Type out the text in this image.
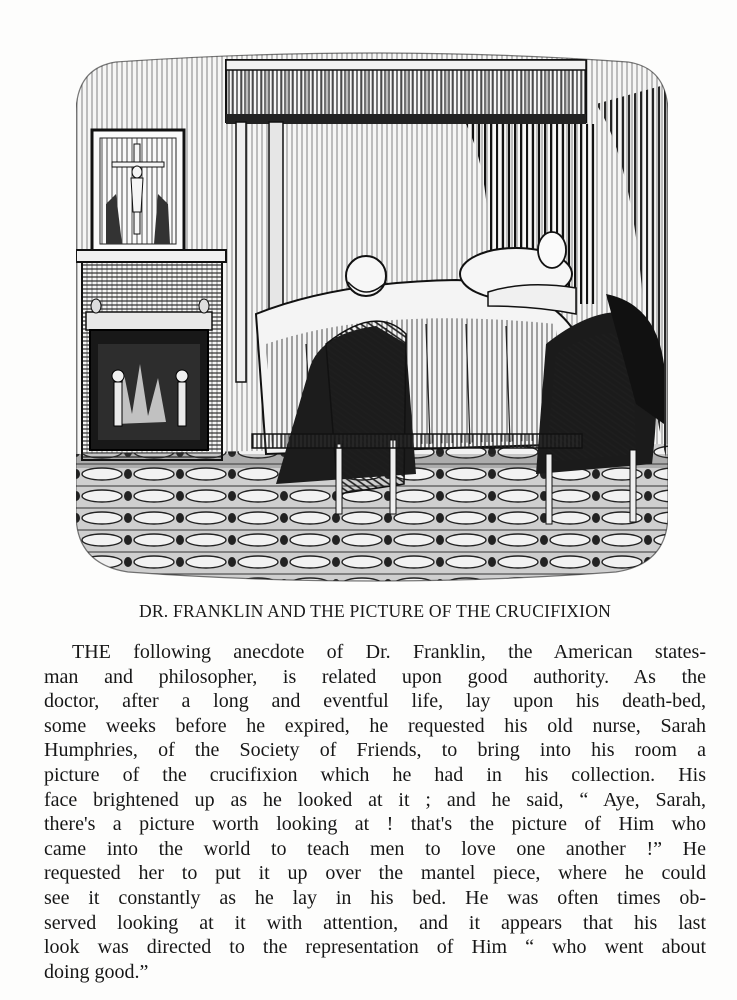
DR. FRANKLIN AND THE PICTURE OF THE CRUCIFIXION
THE following anecdote of Dr. Franklin, the American states-
man and philosopher, is related upon good authority. As the
doctor, after a long and eventful life, lay upon his death-bed,
some weeks before he expired, he requested his old nurse, Sarah
Humphries, of the Society of Friends, to bring into his room a
picture of the crucifixion which he had in his collection. His
face brightened up as he looked at it ; and he said, “ Aye, Sarah,
there's a picture worth looking at ! that's the picture of Him who
came into the world to teach men to love one another !” He
requested her to put it up over the mantel piece, where he could
see it constantly as he lay in his bed. He was often times ob-
served looking at it with attention, and it appears that his last
look was directed to the representation of Him “ who went about
doing good.”
